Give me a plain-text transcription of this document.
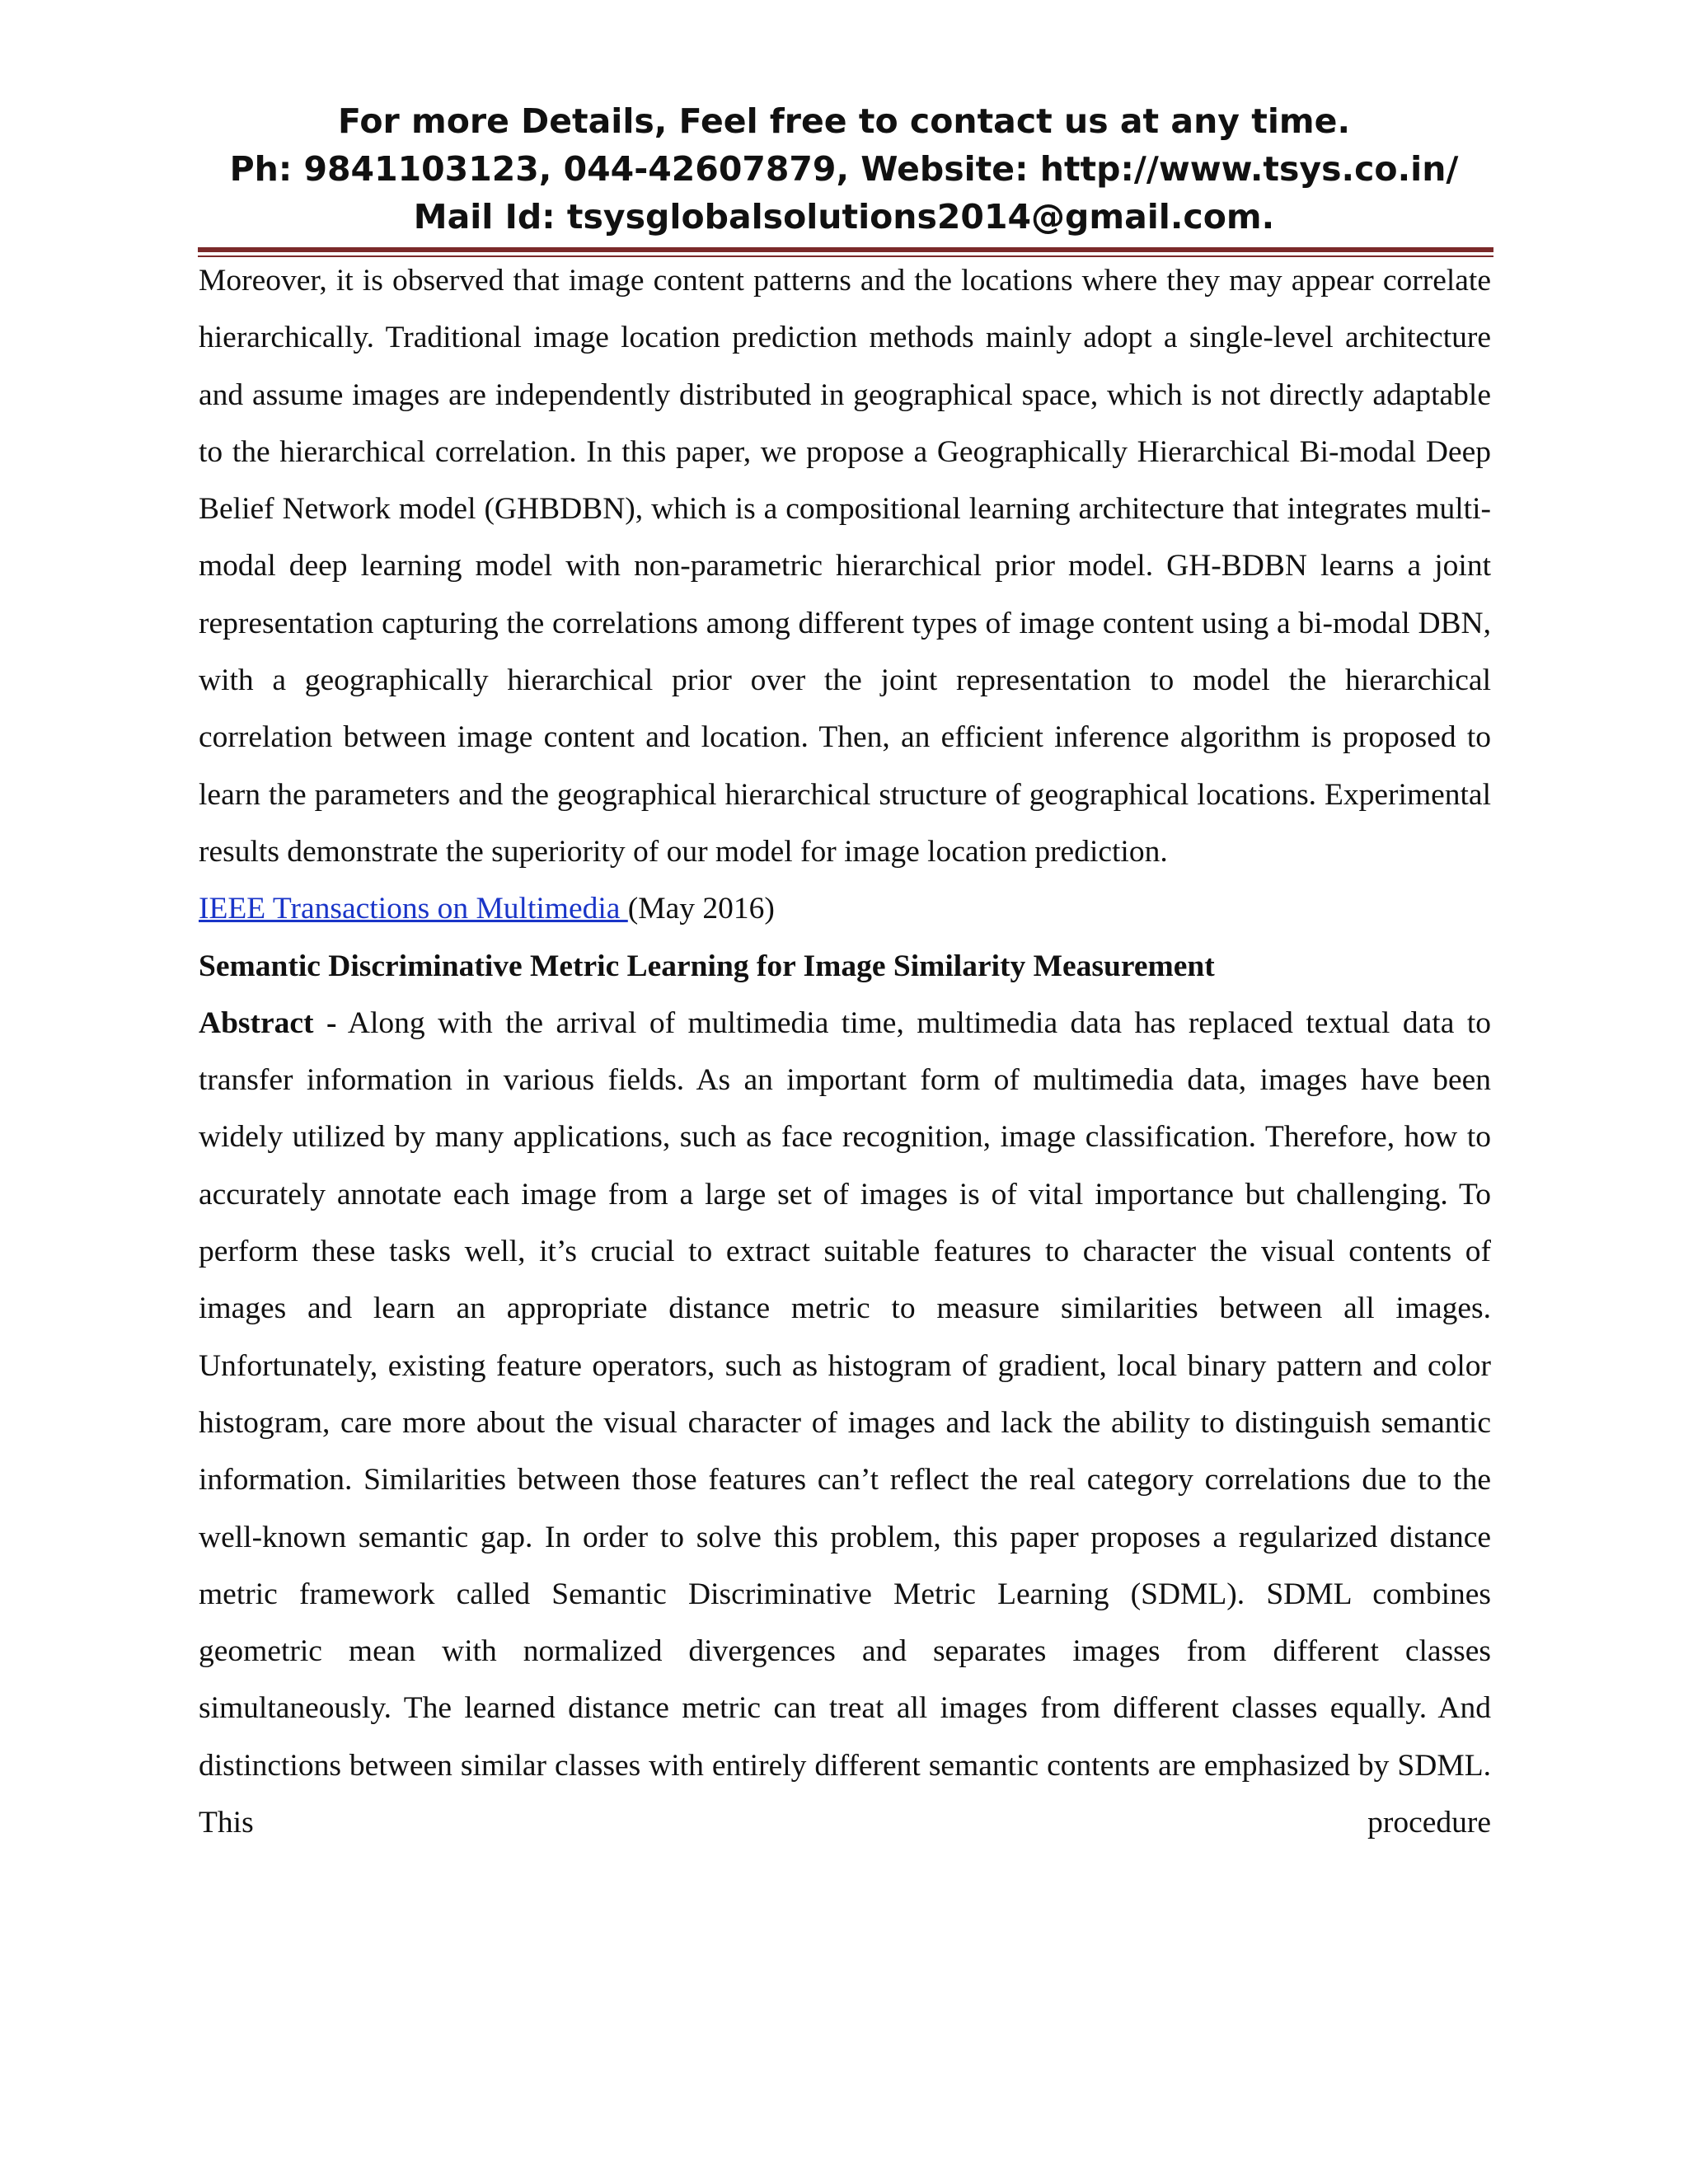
For more Details, Feel free to contact us at any time.
Ph: 9841103123, 044-42607879, Website: http://www.tsys.co.in/
Mail Id: tsysglobalsolutions2014@gmail.com.

Moreover, it is observed that image content patterns and the locations where they may appear correlate hierarchically. Traditional image location prediction methods mainly adopt a single-level architecture and assume images are independently distributed in geographical space, which is not directly adaptable to the hierarchical correlation. In this paper, we propose a Geographically Hierarchical Bi-modal Deep Belief Network model (GHBDBN), which is a compositional learning architecture that integrates multi-modal deep learning model with non-parametric hierarchical prior model. GH-BDBN learns a joint representation capturing the correlations among different types of image content using a bi-modal DBN, with a geographically hierarchical prior over the joint representation to model the hierarchical correlation between image content and location. Then, an efficient inference algorithm is proposed to learn the parameters and the geographical hierarchical structure of geographical locations. Experimental results demonstrate the superiority of our model for image location prediction.

IEEE Transactions on Multimedia (May 2016)

Semantic Discriminative Metric Learning for Image Similarity Measurement

Abstract - Along with the arrival of multimedia time, multimedia data has replaced textual data to transfer information in various fields. As an important form of multimedia data, images have been widely utilized by many applications, such as face recognition, image classification. Therefore, how to accurately annotate each image from a large set of images is of vital importance but challenging. To perform these tasks well, it’s crucial to extract suitable features to character the visual contents of images and learn an appropriate distance metric to measure similarities between all images. Unfortunately, existing feature operators, such as histogram of gradient, local binary pattern and color histogram, care more about the visual character of images and lack the ability to distinguish semantic information. Similarities between those features can’t reflect the real category correlations due to the well-known semantic gap. In order to solve this problem, this paper proposes a regularized distance metric framework called Semantic Discriminative Metric Learning (SDML). SDML combines geometric mean with normalized divergences and separates images from different classes simultaneously. The learned distance metric can treat all images from different classes equally. And distinctions between similar classes with entirely different semantic contents are emphasized by SDML. This procedure
